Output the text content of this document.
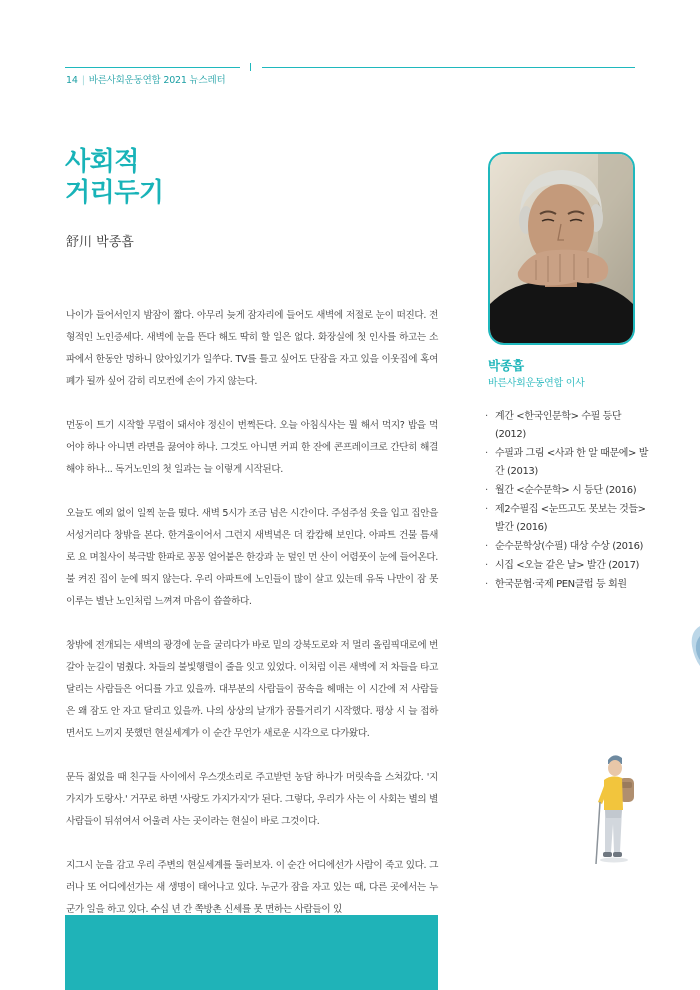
14 | 바른사회운동연합 2021 뉴스레터
사회적
거리두기
舒川 박종흡

나이가 들어서인지 밤잠이 짧다. 아무리 늦게 잠자리에 들어도 새벽에 저절로 눈이 떠진다. 전형적인 노인증세다. 새벽에 눈을 뜬다 해도 딱히 할 일은 없다. 화장실에 첫 인사를 하고는 소파에서 한동안 멍하니 앉아있기가 일쑤다. TV를 틀고 싶어도 단잠을 자고 있을 이웃집에 혹여 폐가 될까 싶어 감히 리모컨에 손이 가지 않는다.

먼동이 트기 시작할 무렵이 돼서야 정신이 번쩍든다. 오늘 아침식사는 뭘 해서 먹지? 밥을 먹어야 하나 아니면 라면을 끓여야 하나. 그것도 아니면 커피 한 잔에 콘프레이크로 간단히 해결해야 하나... 독거노인의 첫 일과는 늘 이렇게 시작된다.

오늘도 예외 없이 일찍 눈을 떴다. 새벽 5시가 조금 넘은 시간이다. 주섬주섬 옷을 입고 집안을 서성거리다 창밖을 본다. 한겨울이어서 그런지 새벽녘은 더 캄캄해 보인다. 아파트 건물 틈새로 요 며칠사이 북극발 한파로 꽁꽁 얼어붙은 한강과 눈 덮인 먼 산이 어렴풋이 눈에 들어온다. 불 켜진 집이 눈에 띄지 않는다. 우리 아파트에 노인들이 많이 살고 있는데 유독 나만이 잠 못 이루는 별난 노인처럼 느껴져 마음이 씁쓸하다.

창밖에 전개되는 새벽의 광경에 눈을 굴리다가 바로 밑의 강북도로와 저 멀리 올림픽대로에 번갈아 눈길이 멈췄다. 차들의 불빛행렬이 줄을 잇고 있었다. 이처럼 이른 새벽에 저 차들을 타고 달리는 사람들은 어디를 가고 있을까. 대부분의 사람들이 꿈속을 헤매는 이 시간에 저 사람들은 왜 잠도 안 자고 달리고 있을까. 나의 상상의 날개가 꿈틀거리기 시작했다. 평상 시 늘 접하면서도 느끼지 못했던 현실세계가 이 순간 무언가 새로운 시각으로 다가왔다.

문득 젊었을 때 친구들 사이에서 우스갯소리로 주고받던 농담 하나가 머릿속을 스쳐갔다. '지가지가 도랑사.' 거꾸로 하면 '사랑도 가지가지'가 된다. 그렇다, 우리가 사는 이 사회는 별의 별 사람들이 뒤섞여서 어울려 사는 곳이라는 현실이 바로 그것이다.

지그시 눈을 감고 우리 주변의 현실세계를 둘러보자. 이 순간 어디에선가 사람이 죽고 있다. 그러나 또 어디에선가는 새 생명이 태어나고 있다. 누군가 잠을 자고 있는 때, 다른 곳에서는 누군가 일을 하고 있다. 수십 년 간 쪽방촌 신세를 못 면하는 사람들이 있

박종흡
바른사회운동연합 이사
· 계간 <한국인문학> 수필 등단 (2012)
· 수필과 그림 <사과 한 알 때문에> 발간 (2013)
· 월간 <순수문학> 시 등단 (2016)
· 제2수필집 <눈뜨고도 못보는 것들> 발간 (2016)
· 순수문학상(수필) 대상 수상 (2016)
· 시집 <오늘 같은 날> 발간 (2017)
· 한국문협·국제 PEN클럽 등 회원
